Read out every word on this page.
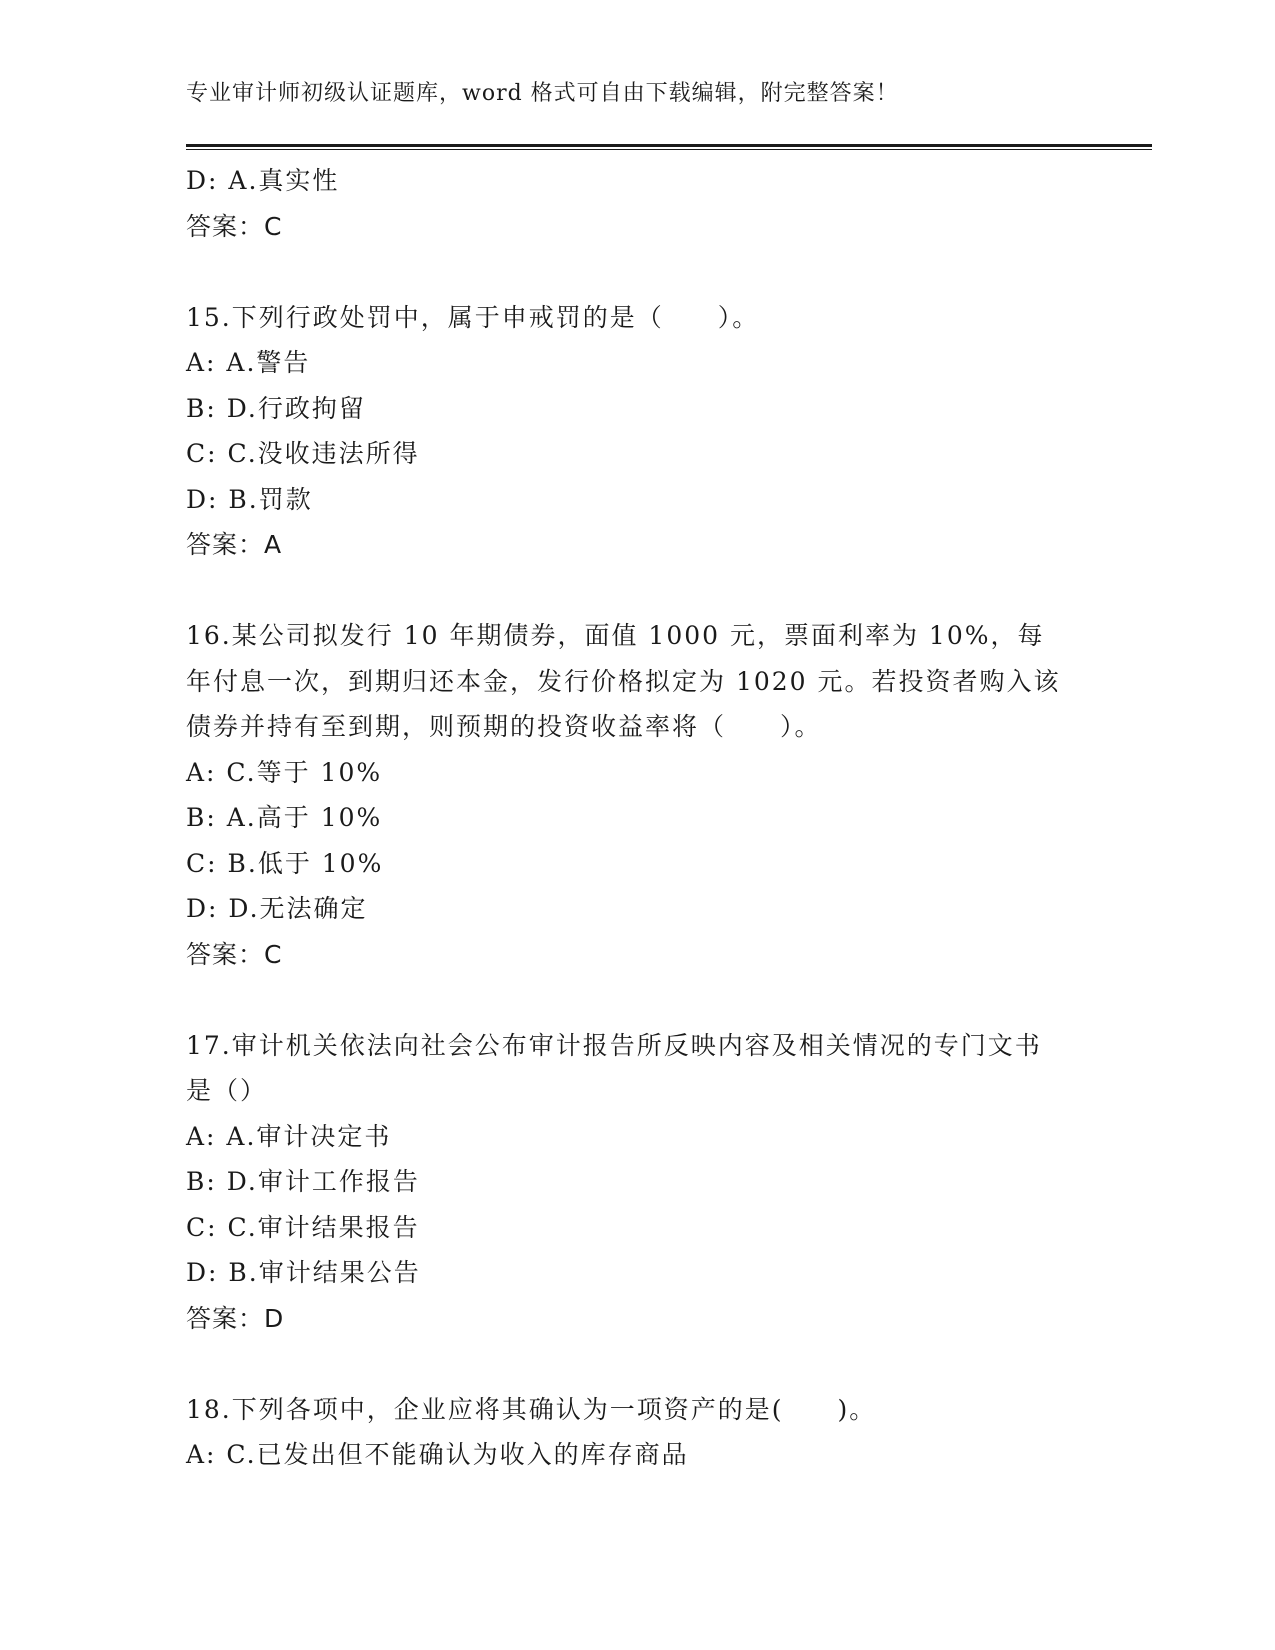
专业审计师初级认证题库，word 格式可自由下载编辑，附完整答案！
D: A.真实性
答案：C
15.下列行政处罚中，属于申戒罚的是（　　）。
A: A.警告
B: D.行政拘留
C: C.没收违法所得
D: B.罚款
答案：A
16.某公司拟发行 10 年期债券，面值 1000 元，票面利率为 10%，每年付息一次，到期归还本金，发行价格拟定为 1020 元。若投资者购入该债券并持有至到期，则预期的投资收益率将（　　）。
A: C.等于 10%
B: A.高于 10%
C: B.低于 10%
D: D.无法确定
答案：C
17.审计机关依法向社会公布审计报告所反映内容及相关情况的专门文书是（）
A: A.审计决定书
B: D.审计工作报告
C: C.审计结果报告
D: B.审计结果公告
答案：D
18.下列各项中，企业应将其确认为一项资产的是(　　)。
A: C.已发出但不能确认为收入的库存商品
